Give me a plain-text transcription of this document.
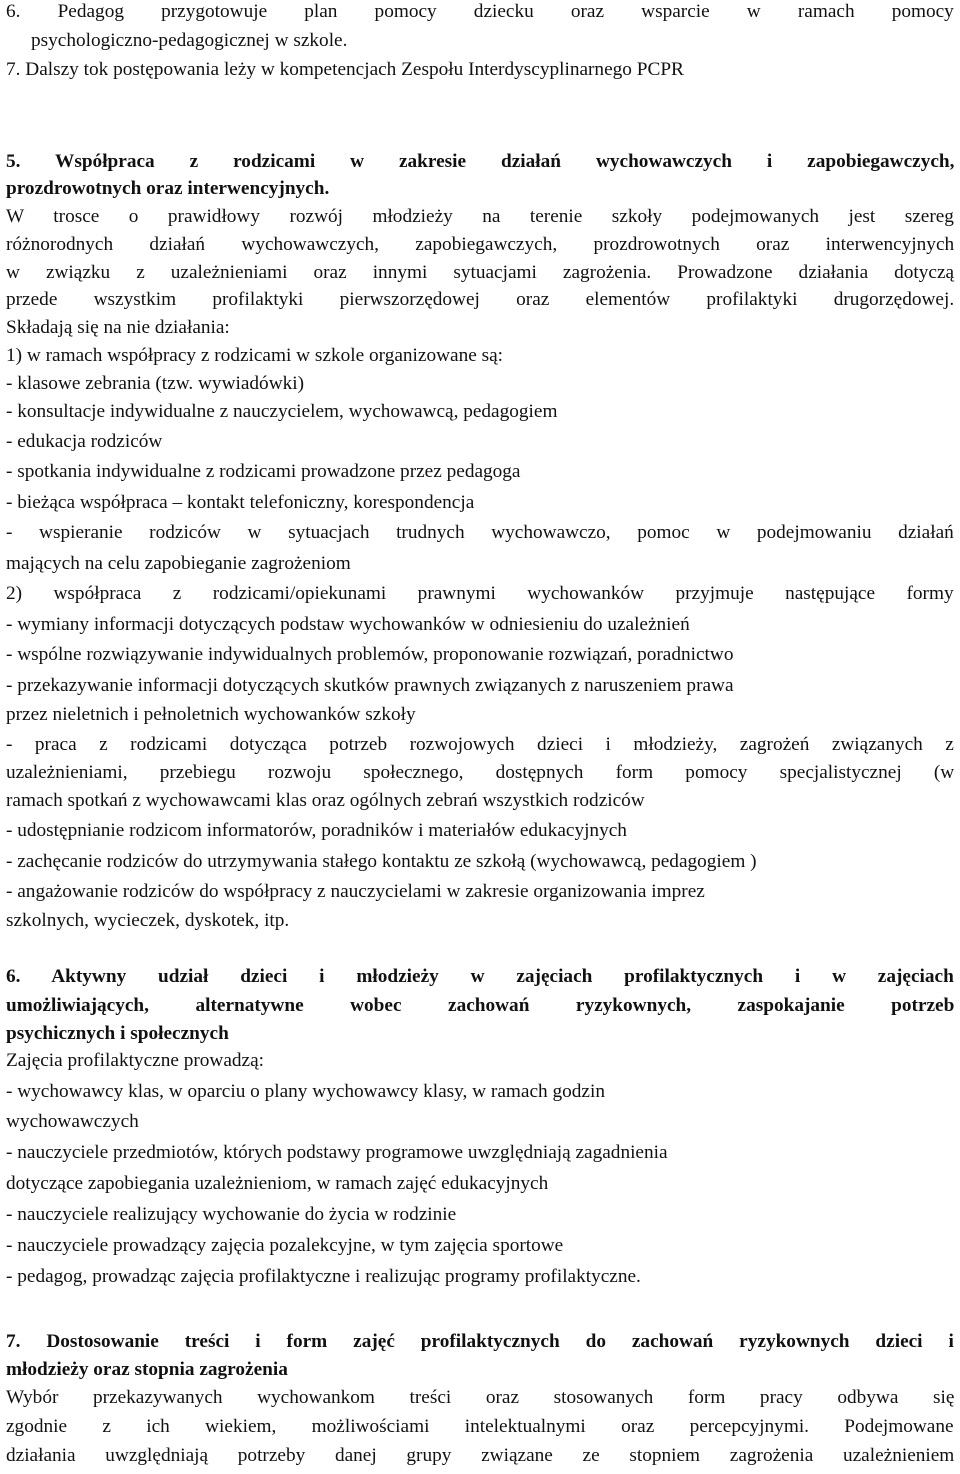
6. Pedagog przygotowuje plan pomocy dziecku oraz wsparcie w ramach pomocy
psychologiczno-pedagogicznej w szkole.
7. Dalszy tok postępowania leży w kompetencjach Zespołu Interdyscyplinarnego PCPR
5. Współpraca z rodzicami w zakresie działań wychowawczych i zapobiegawczych,
prozdrowotnych oraz interwencyjnych.
W trosce o prawidłowy rozwój młodzieży na terenie szkoły podejmowanych jest szereg
różnorodnych działań wychowawczych, zapobiegawczych, prozdrowotnych oraz interwencyjnych
w związku z uzależnieniami oraz innymi sytuacjami zagrożenia. Prowadzone działania dotyczą
przede wszystkim profilaktyki pierwszorzędowej oraz elementów profilaktyki drugorzędowej.
Składają się na nie działania:
1) w ramach współpracy z rodzicami w szkole organizowane są:
- klasowe zebrania (tzw. wywiadówki)
- konsultacje indywidualne z nauczycielem, wychowawcą, pedagogiem
- edukacja rodziców
- spotkania indywidualne z rodzicami prowadzone przez pedagoga
- bieżąca współpraca – kontakt telefoniczny, korespondencja
- wspieranie rodziców w sytuacjach trudnych wychowawczo, pomoc w podejmowaniu działań
mających na celu zapobieganie zagrożeniom
2) współpraca z rodzicami/opiekunami prawnymi wychowanków przyjmuje następujące formy
- wymiany informacji dotyczących podstaw wychowanków w odniesieniu do uzależnień
- wspólne rozwiązywanie indywidualnych problemów, proponowanie rozwiązań, poradnictwo
- przekazywanie informacji dotyczących skutków prawnych związanych z naruszeniem prawa
przez nieletnich i pełnoletnich wychowanków szkoły
- praca z rodzicami dotycząca potrzeb rozwojowych dzieci i młodzieży, zagrożeń związanych z
uzależnieniami, przebiegu rozwoju społecznego, dostępnych form pomocy specjalistycznej (w
ramach spotkań z wychowawcami klas oraz ogólnych zebrań wszystkich rodziców
- udostępnianie rodzicom informatorów, poradników i materiałów edukacyjnych
- zachęcanie rodziców do utrzymywania stałego kontaktu ze szkołą (wychowawcą, pedagogiem )
- angażowanie rodziców do współpracy z nauczycielami w zakresie organizowania imprez
szkolnych, wycieczek, dyskotek, itp.
6. Aktywny udział dzieci i młodzieży w zajęciach profilaktycznych i w zajęciach
umożliwiających, alternatywne wobec zachowań ryzykownych, zaspokajanie potrzeb
psychicznych i społecznych
Zajęcia profilaktyczne prowadzą:
- wychowawcy klas, w oparciu o plany wychowawcy klasy, w ramach godzin
wychowawczych
- nauczyciele przedmiotów, których podstawy programowe uwzględniają zagadnienia
dotyczące zapobiegania uzależnieniom, w ramach zajęć edukacyjnych
- nauczyciele realizujący wychowanie do życia w rodzinie
- nauczyciele prowadzący zajęcia pozalekcyjne, w tym zajęcia sportowe
- pedagog, prowadząc zajęcia profilaktyczne i realizując programy profilaktyczne.
7. Dostosowanie treści i form zajęć profilaktycznych do zachowań ryzykownych dzieci i
młodzieży oraz stopnia zagrożenia
Wybór przekazywanych wychowankom treści oraz stosowanych form pracy odbywa się
zgodnie z ich wiekiem, możliwościami intelektualnymi oraz percepcyjnymi. Podejmowane
działania uwzględniają potrzeby danej grupy związane ze stopniem zagrożenia uzależnieniem
